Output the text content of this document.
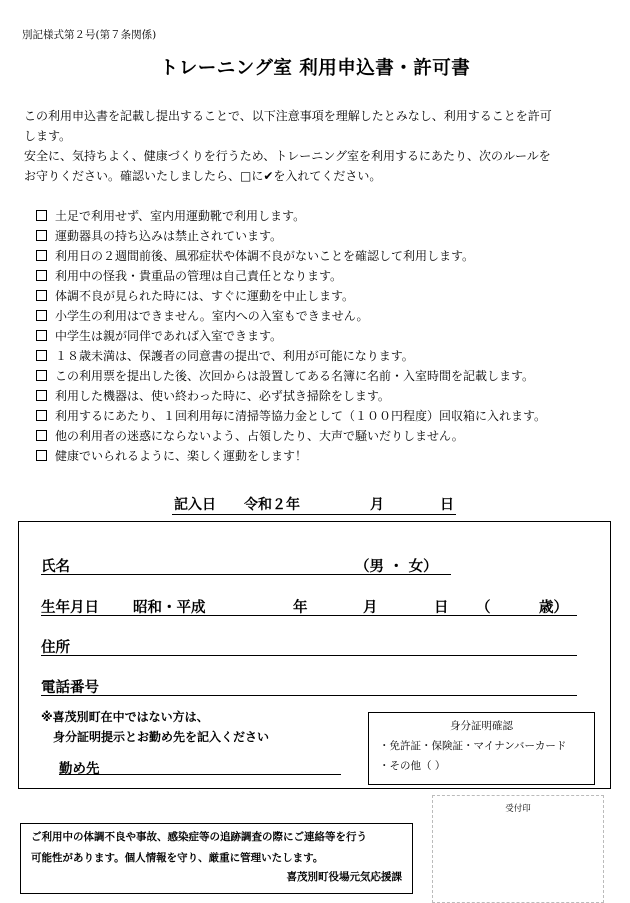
別記様式第２号(第７条関係)
トレーニング室 利用申込書・許可書

この利用申込書を記載し提出することで、以下注意事項を理解したとみなし、利用することを許可

します。

安全に、気持ちよく、健康づくりを行うため、トレーニング室を利用するにあたり、次のルールを

お守りください。確認いたしましたら、□に✔を入れてください。

土足で利用せず、室内用運動靴で利用します。
運動器具の持ち込みは禁止されています。
利用日の２週間前後、風邪症状や体調不良がないことを確認して利用します。
利用中の怪我・貴重品の管理は自己責任となります。
体調不良が見られた時には、すぐに運動を中止します。
小学生の利用はできません。室内への入室もできません。
中学生は親が同伴であれば入室できます。
１８歳未満は、保護者の同意書の提出で、利用が可能になります。
この利用票を提出した後、次回からは設置してある名簿に名前・入室時間を記載します。
利用した機器は、使い終わった時に、必ず拭き掃除をします。
利用するにあたり、１回利用毎に清掃等協力金として（１００円程度）回収箱に入れます。
他の利用者の迷惑にならないよう、占領したり、大声で騒いだりしません。
健康でいられるように、楽しく運動をします！
記入日 令和２年	月	日
氏名	（男 ・ 女）
生年月日 昭和・平成	年	月	日 （	歳）
住所
電話番号
※喜茂別町在中ではない方は、
身分証明提示とお勤め先を記入ください
勤め先
身分証明確認
・免許証・保険証・マイナンバーカード
・その他（ ）
受付印
ご利用中の体調不良や事故、感染症等の追跡調査の際にご連絡等を行う
可能性があります。個人情報を守り、厳重に管理いたします。
喜茂別町役場元気応援課
